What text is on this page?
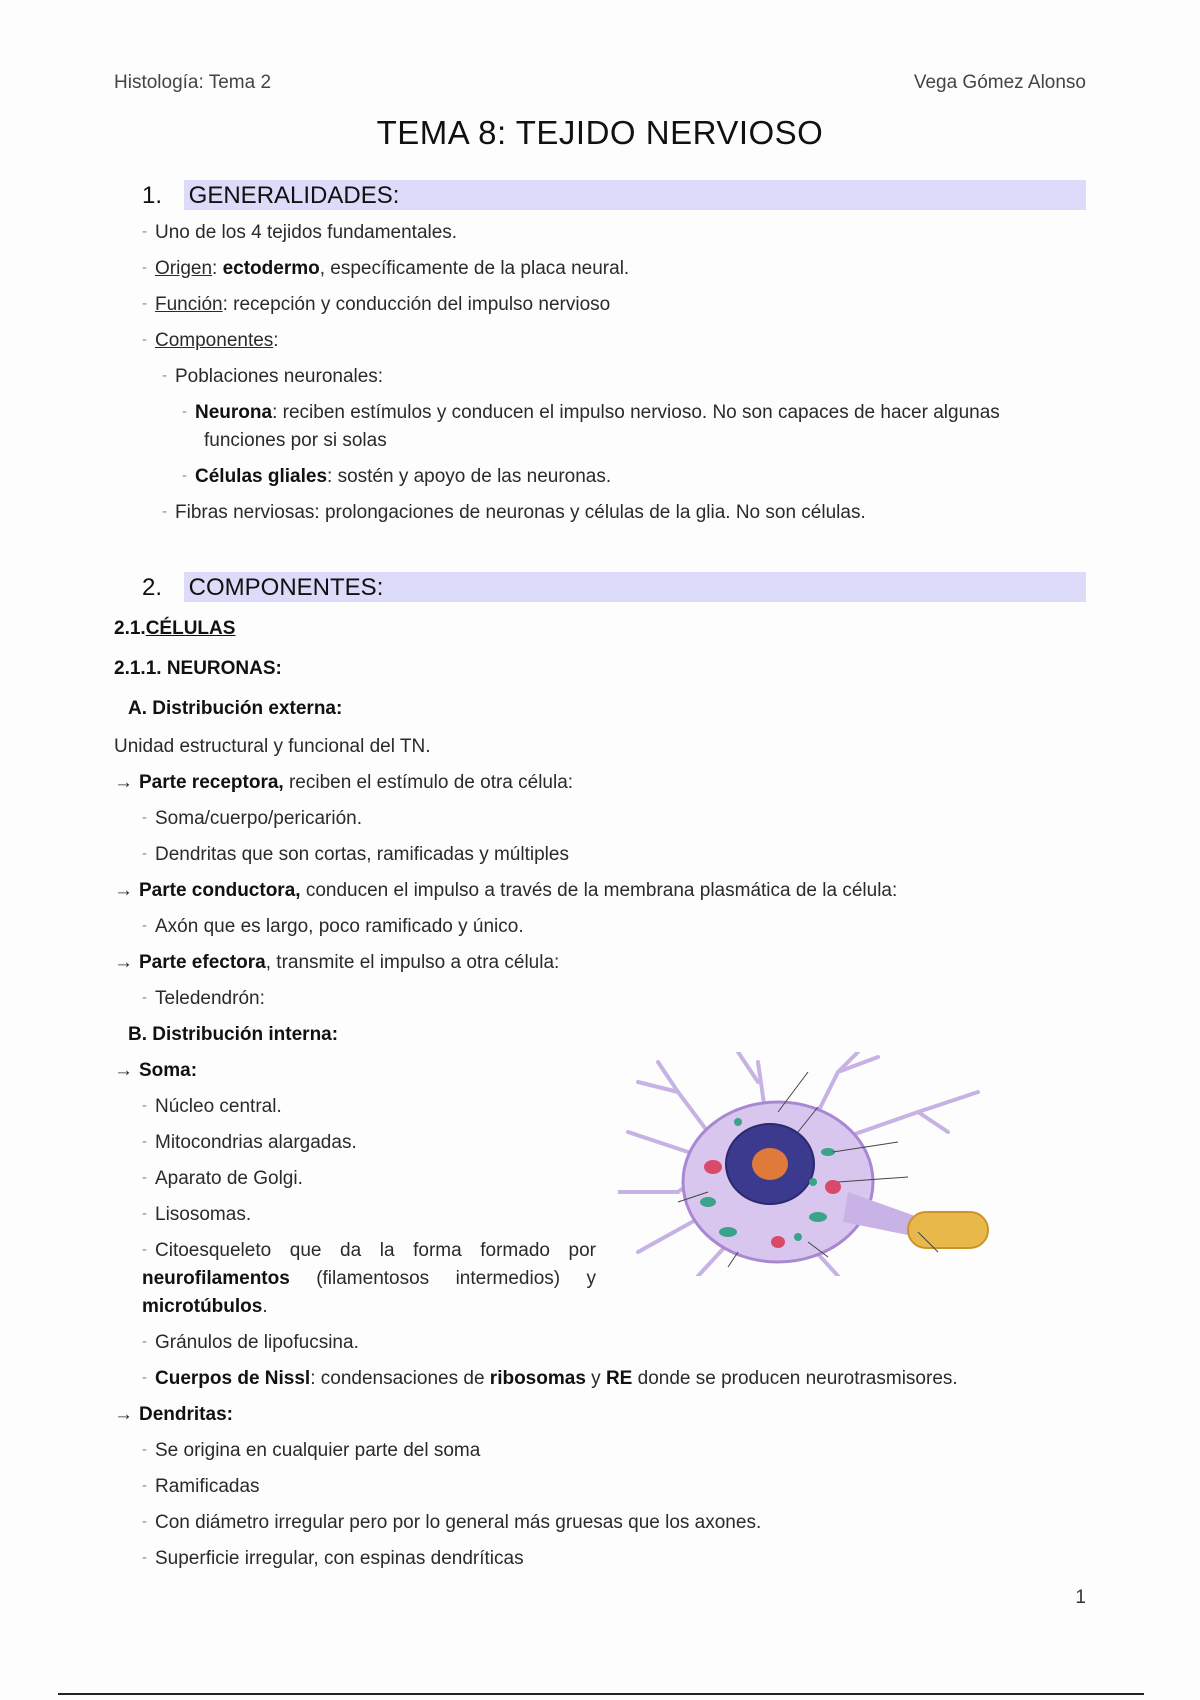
Histología: Tema 2	Vega Gómez Alonso
TEMA 8: TEJIDO NERVIOSO
1. GENERALIDADES:
- Uno de los 4 tejidos fundamentales.
- Origen: ectodermo, específicamente de la placa neural.
- Función: recepción y conducción del impulso nervioso
- Componentes:
- Poblaciones neuronales:
- Neurona: reciben estímulos y conducen el impulso nervioso. No son capaces de hacer algunas
funciones por si solas
- Células gliales: sostén y apoyo de las neuronas.
- Fibras nerviosas: prolongaciones de neuronas y células de la glia. No son células.
2. COMPONENTES:
2.1.CÉLULAS
2.1.1. NEURONAS:
A. Distribución externa:
Unidad estructural y funcional del TN.
→ Parte receptora, reciben el estímulo de otra célula:
- Soma/cuerpo/pericarión.
- Dendritas que son cortas, ramificadas y múltiples
→ Parte conductora, conducen el impulso a través de la membrana plasmática de la célula:
- Axón que es largo, poco ramificado y único.
→ Parte efectora, transmite el impulso a otra célula:
- Teledendrón:
B. Distribución interna:
→ Soma:
- Núcleo central.
- Mitocondrias alargadas.
- Aparato de Golgi.
- Lisosomas.
- Citoesqueleto que da la forma formado por
neurofilamentos (filamentosos intermedios) y
microtúbulos.
- Gránulos de lipofucsina.
- Cuerpos de Nissl: condensaciones de ribosomas y RE donde se producen neurotrasmisores.
→ Dendritas:
- Se origina en cualquier parte del soma
- Ramificadas
- Con diámetro irregular pero por lo general más gruesas que los axones.
- Superficie irregular, con espinas dendríticas
1
